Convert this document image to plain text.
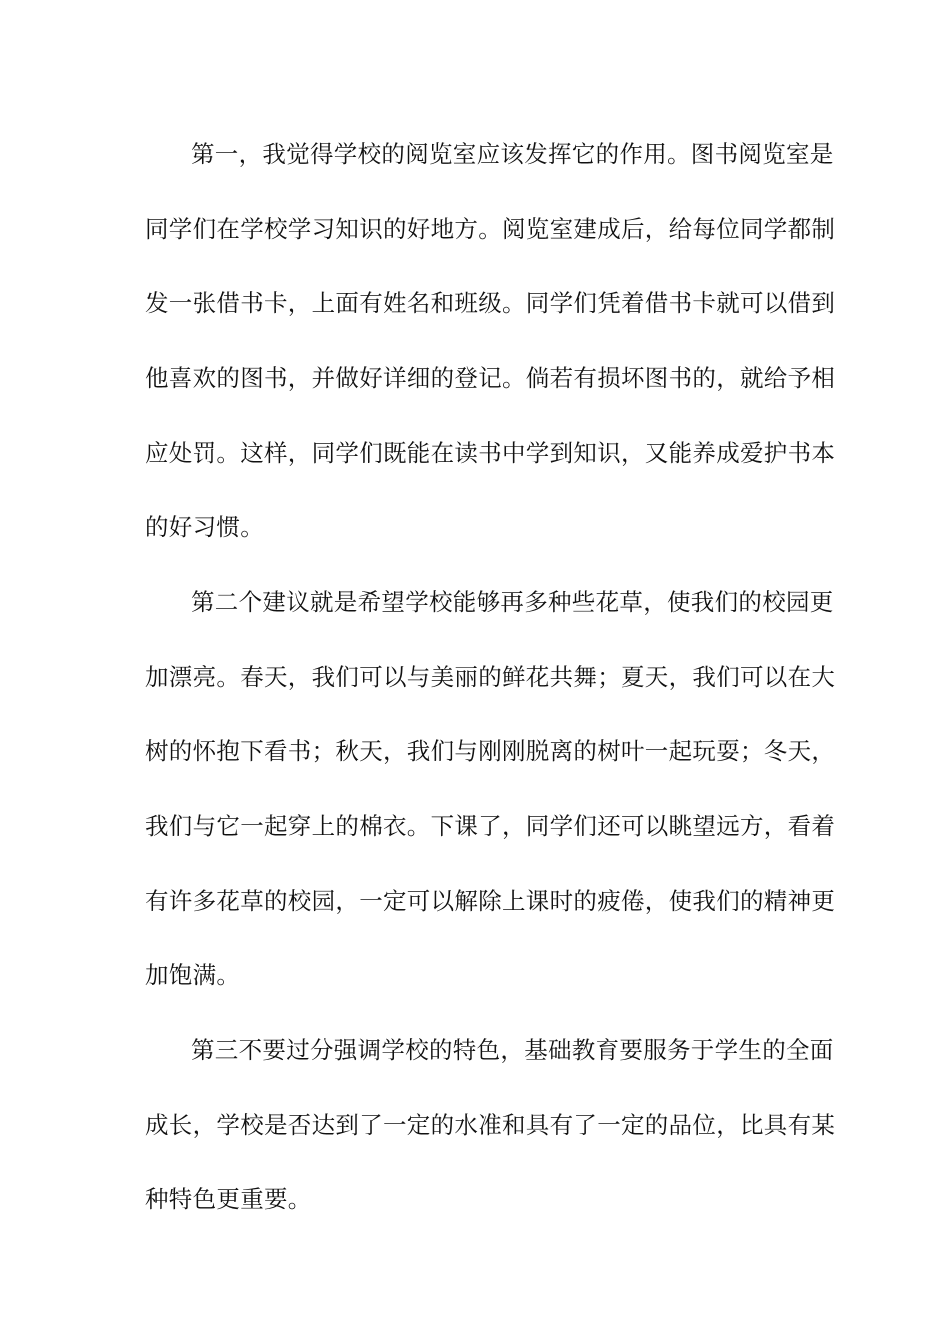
第一，我觉得学校的阅览室应该发挥它的作用。图书阅览室是
同学们在学校学习知识的好地方。阅览室建成后，给每位同学都制
发一张借书卡，上面有姓名和班级。同学们凭着借书卡就可以借到
他喜欢的图书，并做好详细的登记。倘若有损坏图书的，就给予相
应处罚。这样，同学们既能在读书中学到知识，又能养成爱护书本
的好习惯。
第二个建议就是希望学校能够再多种些花草，使我们的校园更
加漂亮。春天，我们可以与美丽的鲜花共舞；夏天，我们可以在大
树的怀抱下看书；秋天，我们与刚刚脱离的树叶一起玩耍；冬天，
我们与它一起穿上的棉衣。下课了，同学们还可以眺望远方，看着
有许多花草的校园，一定可以解除上课时的疲倦，使我们的精神更
加饱满。
第三不要过分强调学校的特色，基础教育要服务于学生的全面
成长，学校是否达到了一定的水准和具有了一定的品位，比具有某
种特色更重要。
